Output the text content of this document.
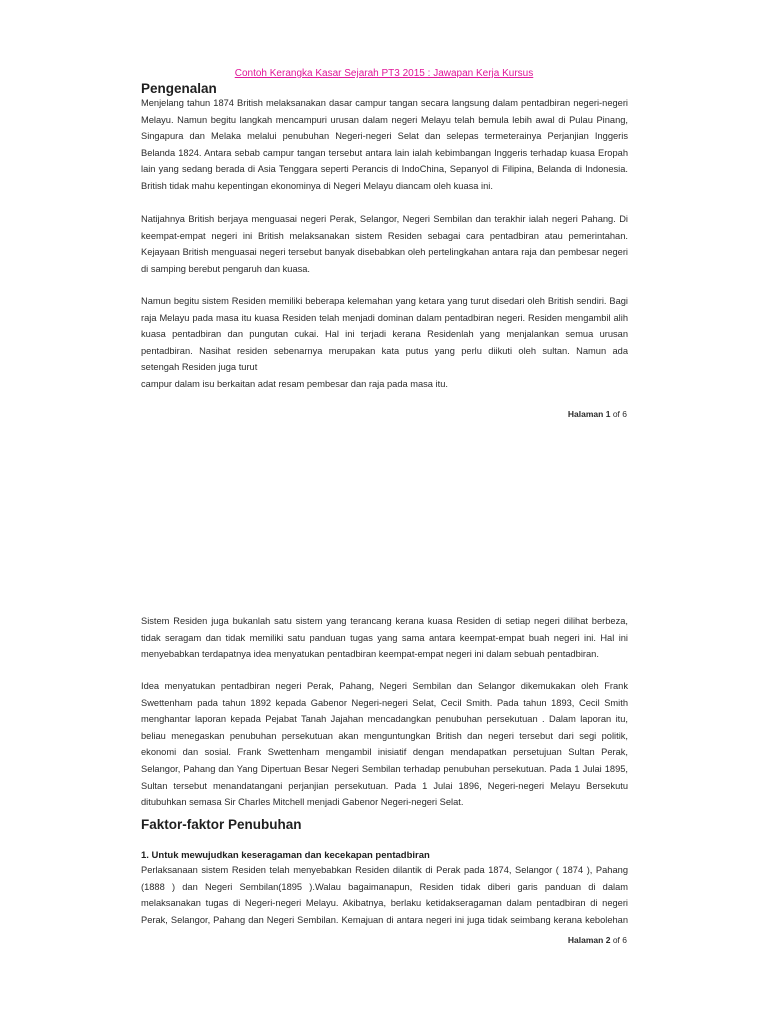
Contoh Kerangka Kasar Sejarah PT3 2015 : Jawapan Kerja Kursus
Pengenalan
Menjelang tahun 1874 British melaksanakan dasar campur tangan secara langsung dalam pentadbiran negeri-negeri
Melayu. Namun begitu langkah mencampuri urusan dalam negeri Melayu telah bemula lebih awal di Pulau Pinang,
Singapura dan Melaka melalui penubuhan Negeri-negeri Selat dan selepas termeterainya Perjanjian Inggeris
Belanda 1824. Antara sebab campur tangan tersebut antara lain ialah kebimbangan Inggeris terhadap kuasa Eropah
lain yang sedang berada di Asia Tenggara seperti Perancis di IndoChina, Sepanyol di Filipina, Belanda di Indonesia.
British tidak mahu kepentingan ekonominya di Negeri Melayu diancam oleh kuasa ini.
Natijahnya British berjaya menguasai negeri Perak, Selangor, Negeri Sembilan dan terakhir ialah negeri Pahang. Di
keempat-empat negeri ini British melaksanakan sistem Residen sebagai cara pentadbiran atau pemerintahan.
Kejayaan British menguasai negeri tersebut banyak disebabkan oleh pertelingkahan antara raja dan pembesar negeri
di samping berebut pengaruh dan kuasa.
Namun begitu sistem Residen memiliki beberapa kelemahan yang ketara yang turut disedari oleh British sendiri. Bagi
raja Melayu pada masa itu kuasa Residen telah menjadi dominan dalam pentadbiran negeri. Residen mengambil alih
kuasa pentadbiran dan pungutan cukai. Hal ini terjadi kerana Residenlah yang menjalankan semua urusan
pentadbiran. Nasihat residen sebenarnya merupakan kata putus yang perlu diikuti oleh sultan. Namun ada
setengah Residen juga turut
campur dalam isu berkaitan adat resam pembesar dan raja pada masa itu.
Halaman 1 of 6
Sistem Residen juga bukanlah satu sistem yang terancang kerana kuasa Residen di setiap negeri dilihat berbeza,
tidak seragam dan tidak memiliki satu panduan tugas yang sama antara keempat-empat buah negeri ini. Hal ini
menyebabkan terdapatnya idea menyatukan pentadbiran keempat-empat negeri ini dalam sebuah pentadbiran.
Idea menyatukan pentadbiran negeri Perak, Pahang, Negeri Sembilan dan Selangor dikemukakan oleh Frank
Swettenham pada tahun 1892 kepada Gabenor Negeri-negeri Selat, Cecil Smith. Pada tahun 1893, Cecil Smith
menghantar laporan kepada Pejabat Tanah Jajahan mencadangkan penubuhan persekutuan . Dalam laporan itu,
beliau menegaskan penubuhan persekutuan akan menguntungkan British dan negeri tersebut dari segi politik,
ekonomi dan sosial. Frank Swettenham mengambil inisiatif dengan mendapatkan persetujuan Sultan Perak,
Selangor, Pahang dan Yang Dipertuan Besar Negeri Sembilan terhadap penubuhan persekutuan. Pada 1 Julai 1895,
Sultan tersebut menandatangani perjanjian persekutuan. Pada 1 Julai 1896, Negeri-negeri Melayu Bersekutu
ditubuhkan semasa Sir Charles Mitchell menjadi Gabenor Negeri-negeri Selat.
Faktor-faktor Penubuhan
1. Untuk mewujudkan keseragaman dan kecekapan pentadbiran
Perlaksanaan sistem Residen telah menyebabkan Residen dilantik di Perak pada 1874, Selangor ( 1874 ), Pahang
(1888 ) dan Negeri Sembilan(1895 ).Walau bagaimanapun, Residen tidak diberi garis panduan di dalam
melaksanakan tugas di Negeri-negeri Melayu. Akibatnya, berlaku ketidakseragaman dalam pentadbiran di negeri
Perak, Selangor, Pahang dan Negeri Sembilan. Kemajuan di antara negeri ini juga tidak seimbang kerana kebolehan
Halaman 2 of 6
